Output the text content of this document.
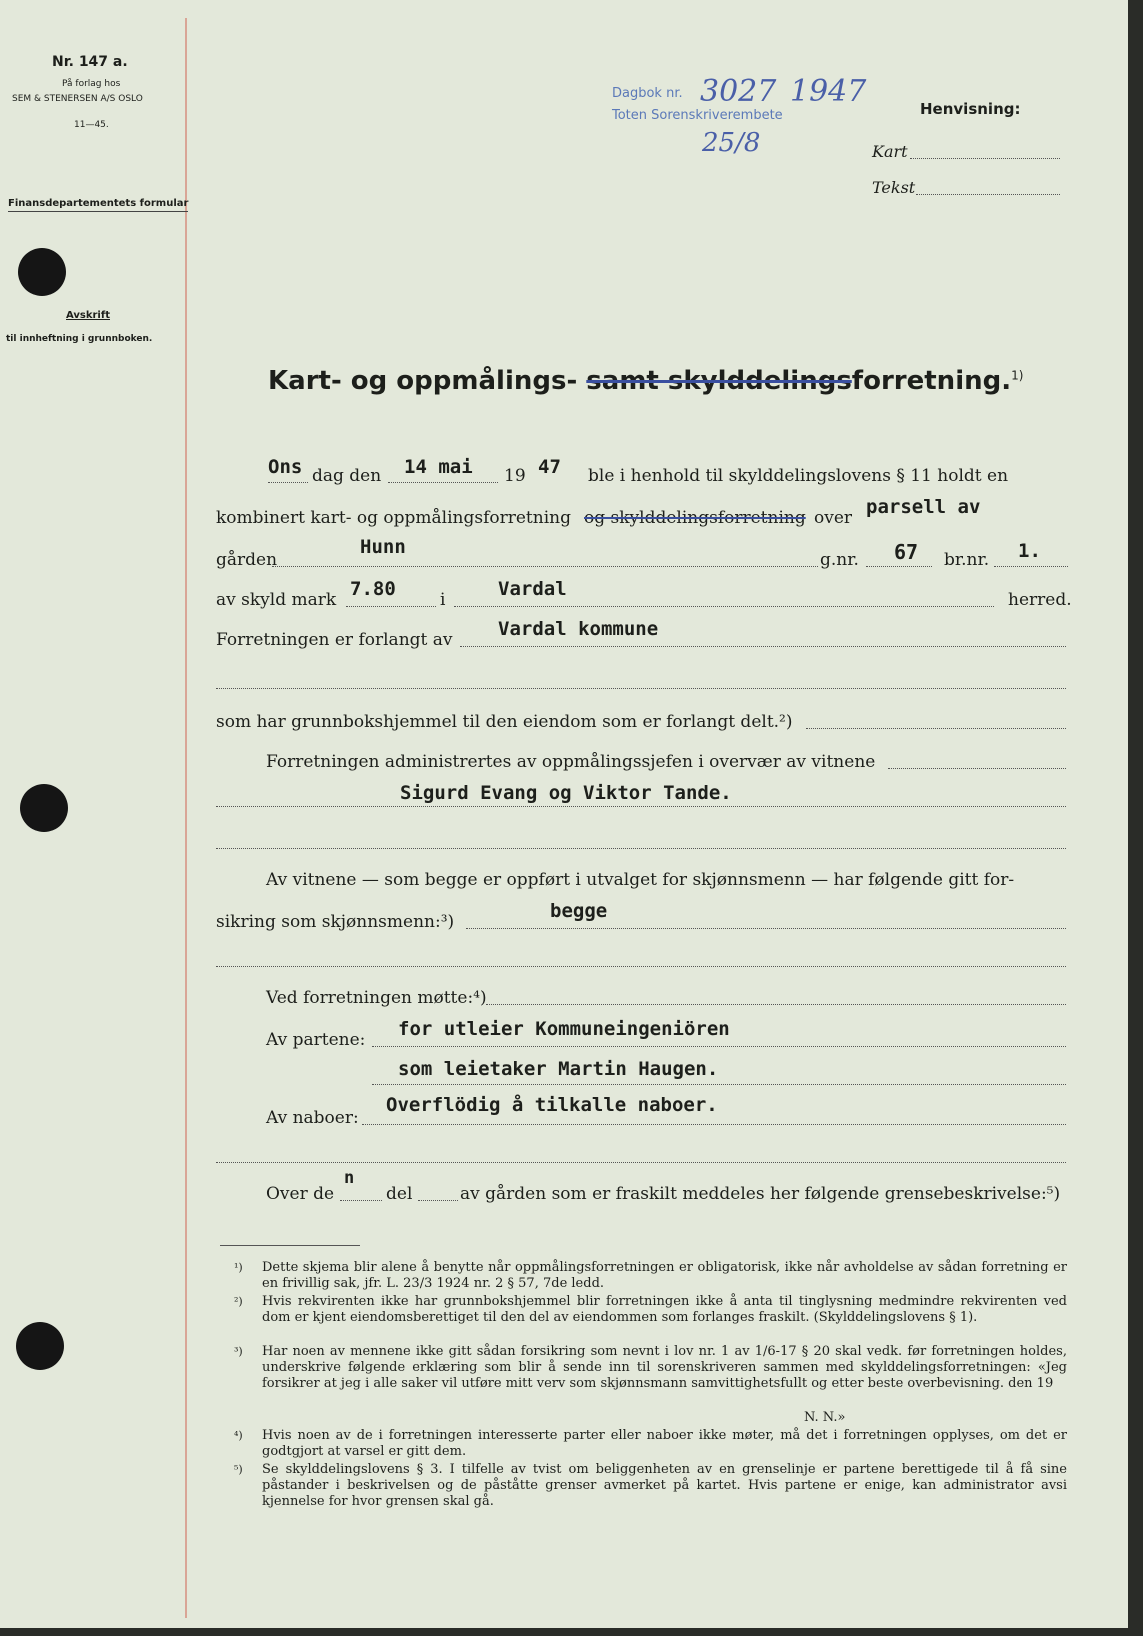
Nr. 147 a.
På forlag hos
SEM & STENERSEN A/S OSLO
11—45.
Finansdepartementets formular
Avskrift
til innheftning i grunnboken.
Dagbok nr.
Toten Sorenskriverembete
3027 1947
25/8
Henvisning:
Kart
Tekst
Kart- og oppmålings- samt skylddelingsforretning.$^{1)}$
Ons dag den 14 mai 19 47 ble i henhold til skylddelingslovens § 11 holdt en
kombinert kart- og oppmålingsforretning og skylddelingsforretning over parsell av
gården
Hunn
g.nr. 67 br.nr. 1.
av skyld mark 7.80	i	Vardal	herred.
Forretningen er forlangt av Vardal kommune
som har grunnbokshjemmel til den eiendom som er forlangt delt.²)
Forretningen administrertes av oppmålingssjefen i overvær av vitnene
Sigurd Evang og Viktor Tande.
Av vitnene — som begge er oppført i utvalget for skjønnsmenn — har følgende gitt for-
sikring som skjønnsmenn:³)	begge
Ved forretningen møtte:⁴)
Av partene: for utleier Kommuneingeniören
som leietaker Martin Haugen.
Overflödig å tilkalle naboer.
Av naboer:
Over de
n
del	av gården som er fraskilt meddeles her følgende grensebeskrivelse:⁵)
¹) Dette skjema blir alene å benytte når oppmålingsforretningen er obligatorisk, ikke når avholdelse av sådan forretning er en frivillig sak, jfr. L. 23/3 1924 nr. 2 § 57, 7de ledd.
²) Hvis rekvirenten ikke har grunnbokshjemmel blir forretningen ikke å anta til tinglysning medmindre rekvirenten ved dom er kjent eiendomsberettiget til den del av eiendommen som forlanges fraskilt. (Skylddelingslovens § 1).
³) Har noen av mennene ikke gitt sådan forsikring som nevnt i lov nr. 1 av 1/6-17 § 20 skal vedk. før forretningen holdes, underskrive følgende erklæring som blir å sende inn til sorenskriveren sammen med skylddelingsforretningen: «Jeg forsikrer at jeg i alle saker vil utføre mitt verv som skjønnsmann samvittighetsfullt og etter beste overbevisning. den 19
N. N.»
⁴) Hvis noen av de i forretningen interesserte parter eller naboer ikke møter, må det i forretningen opplyses, om det er godtgjort at varsel er gitt dem.
⁵) Se skylddelingslovens § 3. I tilfelle av tvist om beliggenheten av en grenselinje er partene berettigede til å få sine påstander i beskrivelsen og de påståtte grenser avmerket på kartet. Hvis partene er enige, kan administrator avsi kjennelse for hvor grensen skal gå.
